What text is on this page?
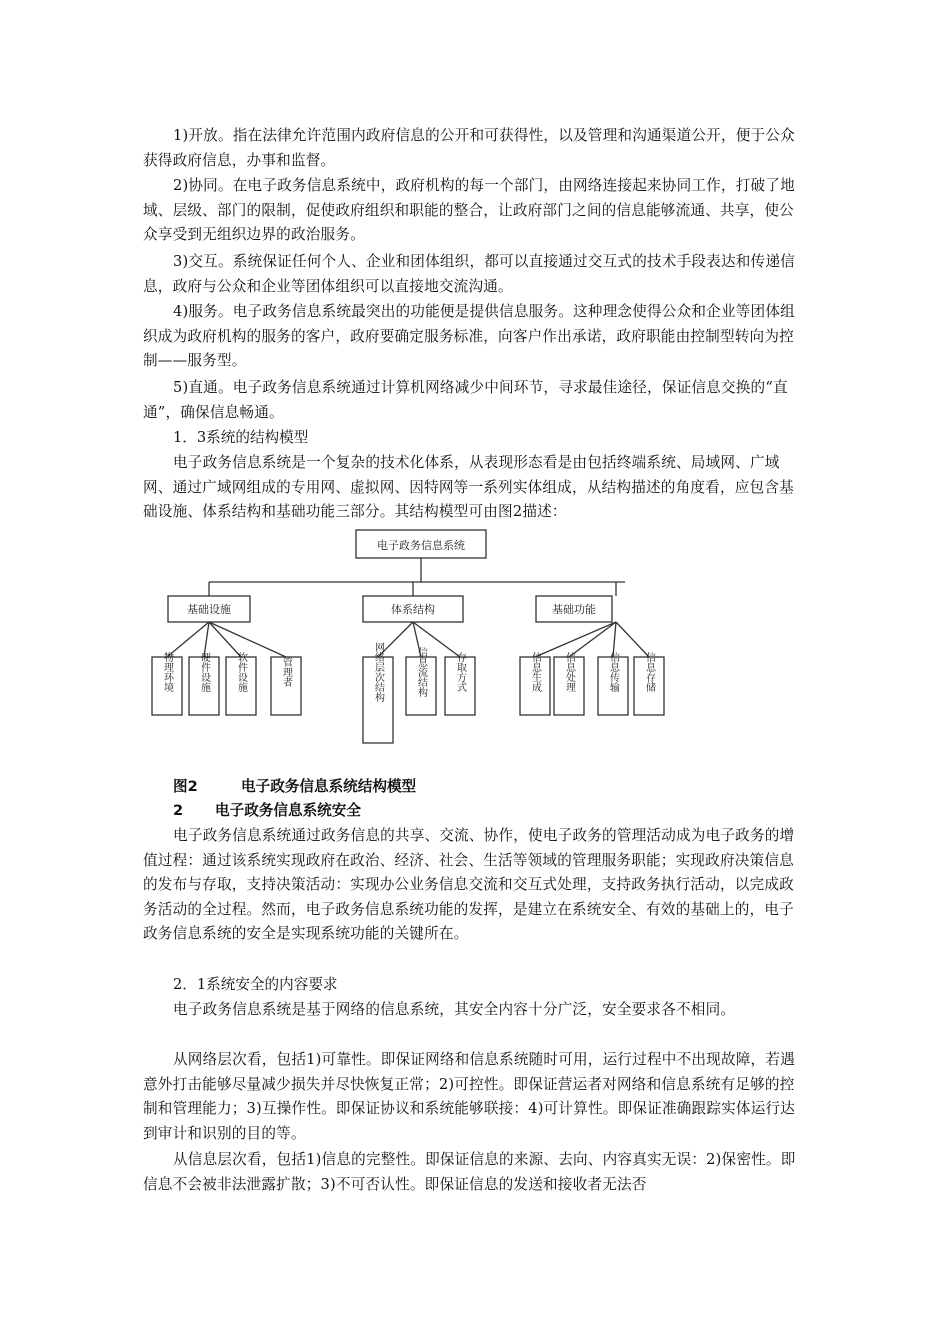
1)开放。指在法律允许范围内政府信息的公开和可获得性，以及管理和沟通渠道公开，便于公众获得政府信息，办事和监督。

2)协同。在电子政务信息系统中，政府机构的每一个部门，由网络连接起来协同工作，打破了地域、层级、部门的限制，促使政府组织和职能的整合，让政府部门之间的信息能够流通、共享，使公众享受到无组织边界的政治服务。

3)交互。系统保证任何个人、企业和团体组织，都可以直接通过交互式的技术手段表达和传递信息，政府与公众和企业等团体组织可以直接地交流沟通。

4)服务。电子政务信息系统最突出的功能便是提供信息服务。这种理念使得公众和企业等团体组织成为政府机构的服务的客户，政府要确定服务标准，向客户作出承诺，政府职能由控制型转向为控制——服务型。

5)直通。电子政务信息系统通过计算机网络减少中间环节，寻求最佳途径，保证信息交换的“直通”，确保信息畅通。

1．3系统的结构模型

电子政务信息系统是一个复杂的技术化体系，从表现形态看是由包括终端系统、局域网、广域网、通过广域网组成的专用网、虚拟网、因特网等一系列实体组成，从结构描述的角度看，应包含基础设施、体系结构和基础功能三部分。其结构模型可由图2描述：

电子政务信息系统
基础设施	体系结构	基础功能
物理环境	硬件设施	软件设施	管理者	网络层次结构	信息流结构	存取方式	信息生成 信息处理	信息传输	信息存储
图2	电子政务信息系统结构模型
2 电子政务信息系统安全

电子政务信息系统通过政务信息的共享、交流、协作，使电子政务的管理活动成为电子政务的增值过程：通过该系统实现政府在政治、经济、社会、生活等领域的管理服务职能；实现政府决策信息的发布与存取，支持决策活动：实现办公业务信息交流和交互式处理，支持政务执行活动，以完成政务活动的全过程。然而，电子政务信息系统功能的发挥，是建立在系统安全、有效的基础上的，电子政务信息系统的安全是实现系统功能的关键所在。

2．1系统安全的内容要求

电子政务信息系统是基于网络的信息系统，其安全内容十分广泛，安全要求各不相同。

从网络层次看，包括1)可靠性。即保证网络和信息系统随时可用，运行过程中不出现故障，若遇意外打击能够尽量减少损失并尽快恢复正常；2)可控性。即保证营运者对网络和信息系统有足够的控制和管理能力；3)互操作性。即保证协议和系统能够联接：4)可计算性。即保证准确跟踪实体运行达到审计和识别的目的等。

从信息层次看，包括1)信息的完整性。即保证信息的来源、去向、内容真实无误：2)保密性。即信息不会被非法泄露扩散；3)不可否认性。即保证信息的发送和接收者无法否
